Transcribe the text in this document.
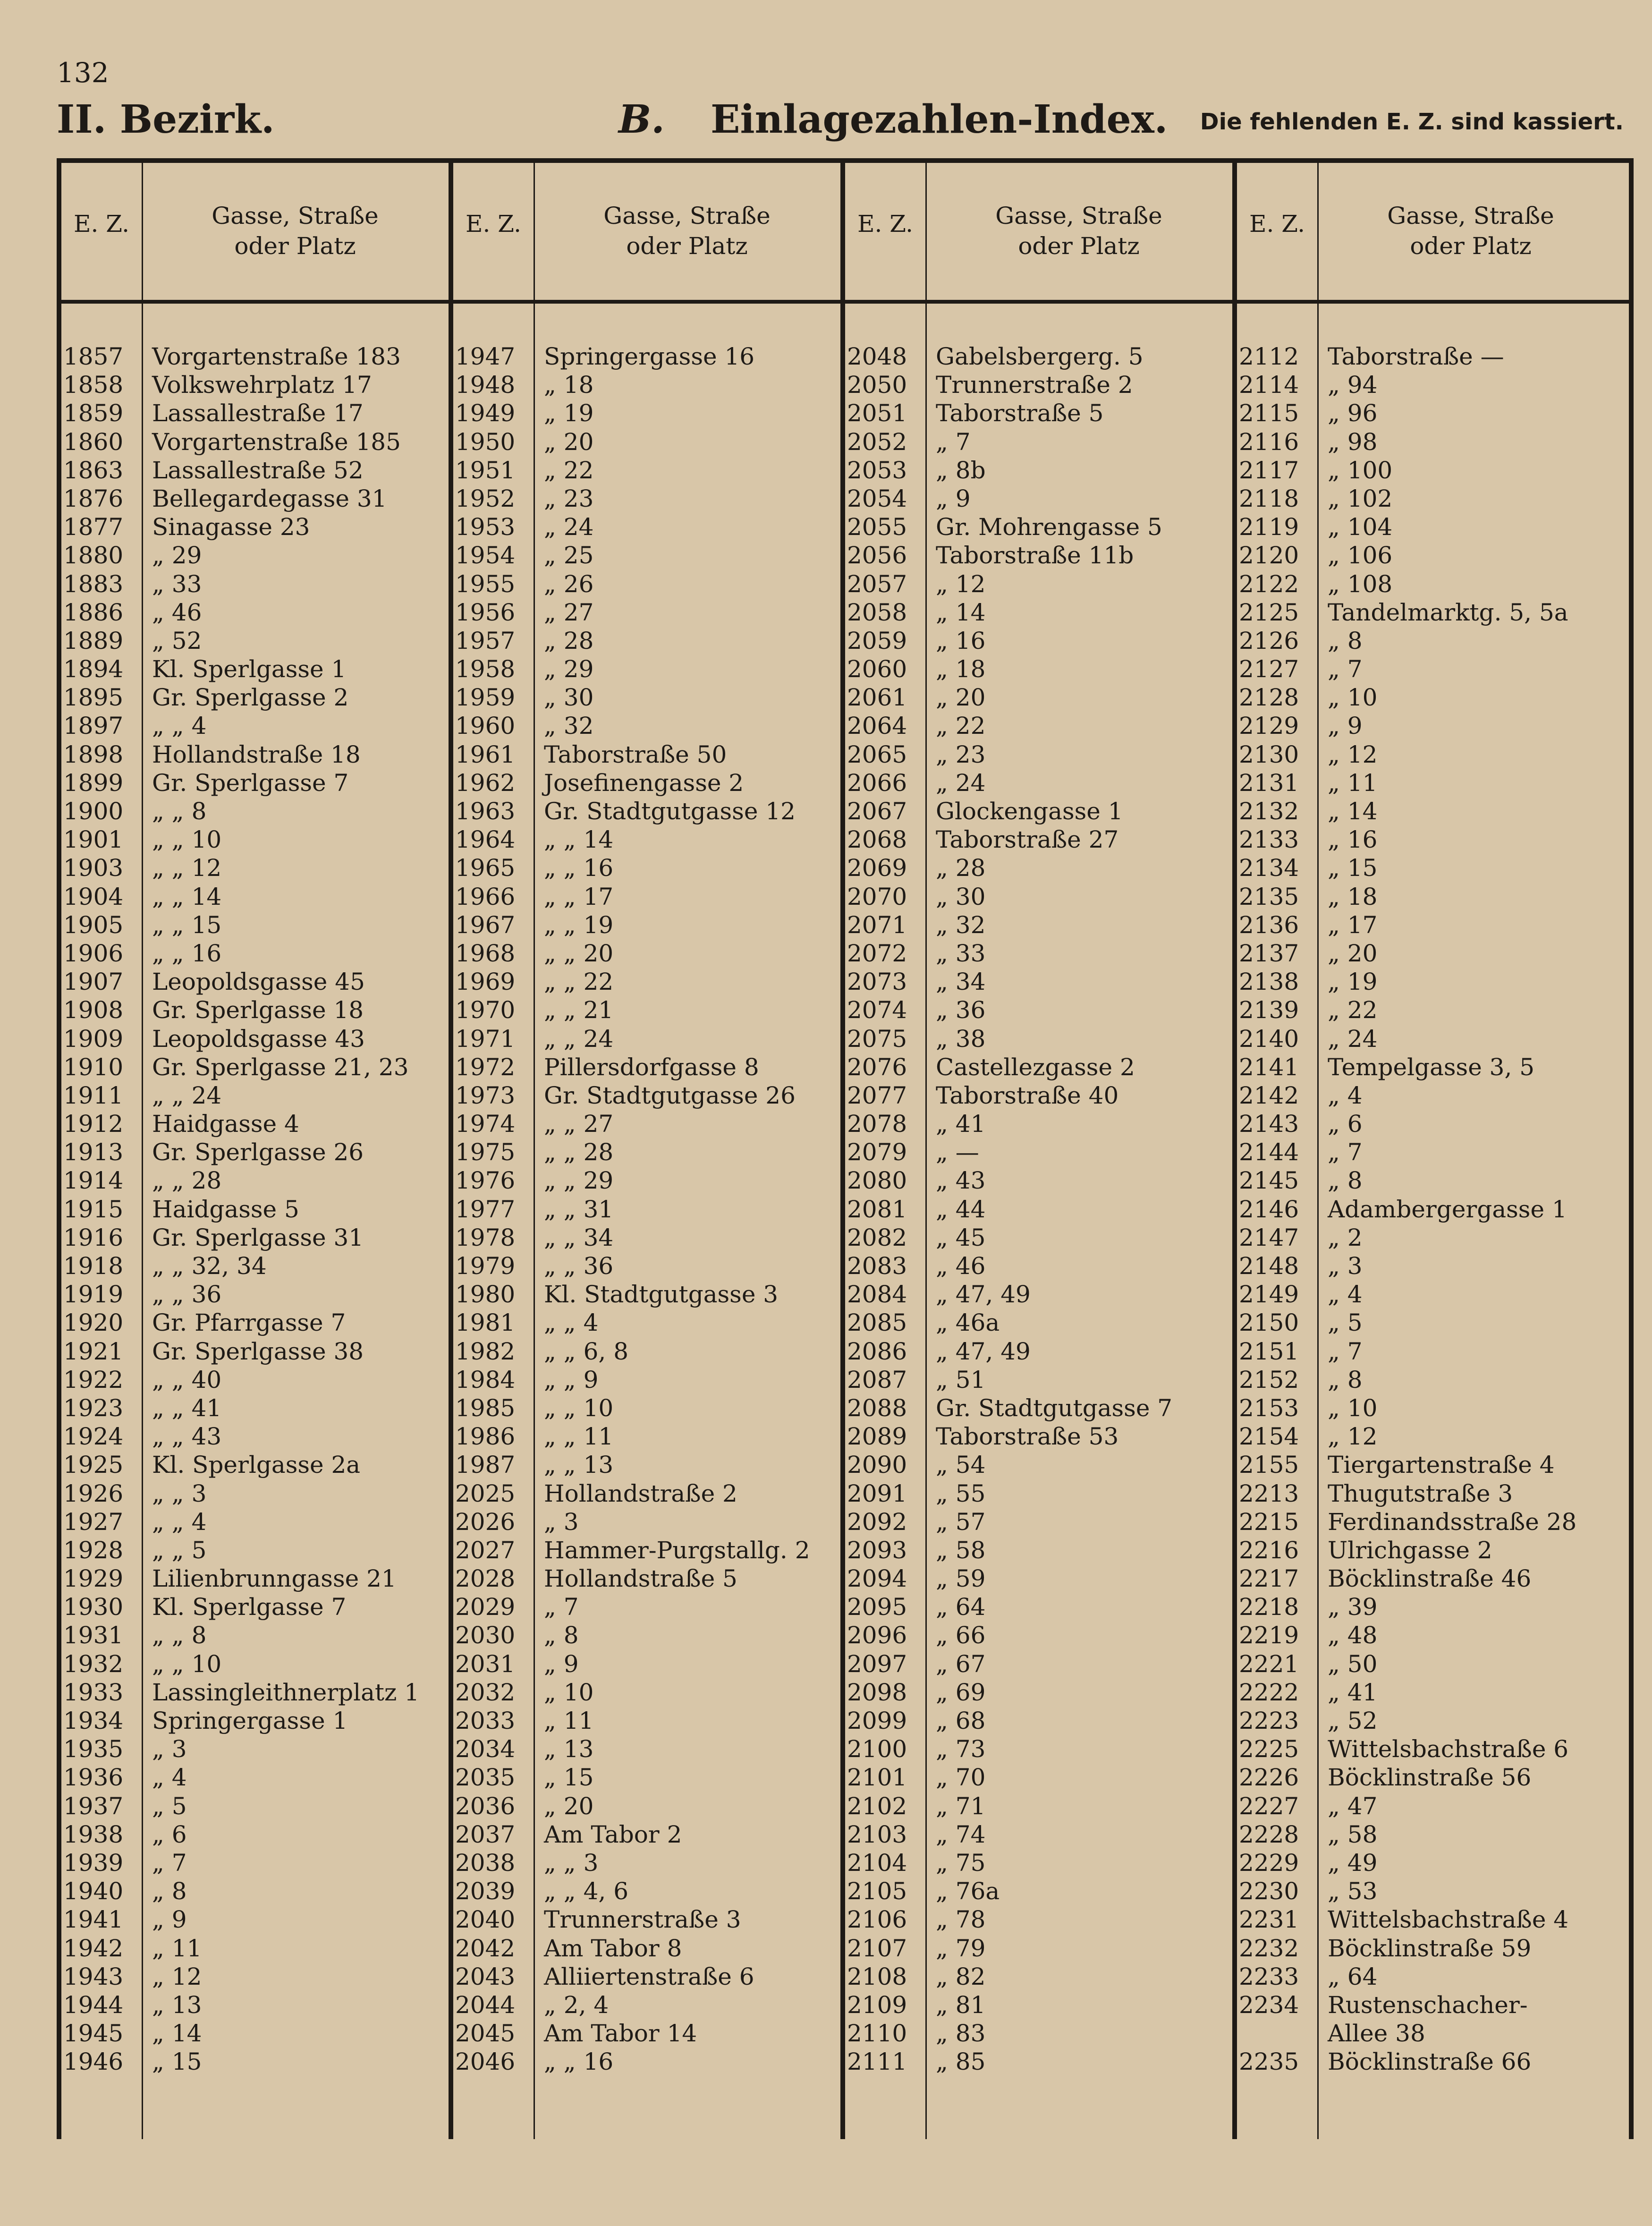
132
II. Bezirk.	B. Einlagezahlen-Index. Die fehlenden E. Z. sind kassiert.
E. Z.	Gasse, Straße
oder Platz
1857 Vorgartenstraße 183
1858 Volkswehrplatz 17
1859 Lassallestraße 17
1860 Vorgartenstraße 185
1863 Lassallestraße 52
1876 Bellegardegasse 31
1877 Sinagasse 23
1880 „ 29
1883 „ 33
1886 „ 46
1889 „ 52
1894 Kl. Sperlgasse 1
1895 Gr. Sperlgasse 2
1897 „ „ 4
1898 Hollandstraße 18
1899 Gr. Sperlgasse 7
1900 „ „ 8
1901 „ „ 10
1903 „ „ 12
1904 „ „ 14
1905 „ „ 15
1906 „ „ 16
1907 Leopoldsgasse 45
1908 Gr. Sperlgasse 18
1909 Leopoldsgasse 43
1910 Gr. Sperlgasse 21, 23
1911 „ „ 24
1912 Haidgasse 4
1913 Gr. Sperlgasse 26
1914 „ „ 28
1915 Haidgasse 5
1916 Gr. Sperlgasse 31
1918 „ „ 32, 34
1919 „ „ 36
1920 Gr. Pfarrgasse 7
1921 Gr. Sperlgasse 38
1922 „ „ 40
1923 „ „ 41
1924 „ „ 43
1925 Kl. Sperlgasse 2a
1926 „ „ 3
1927 „ „ 4
1928 „ „ 5
1929 Lilienbrunngasse 21
1930 Kl. Sperlgasse 7
1931 „ „ 8
1932 „ „ 10
1933 Lassingleithnerplatz 1
1934 Springergasse 1
1935 „ 3
1936 „ 4
1937 „ 5
1938 „ 6
1939 „ 7
1940 „ 8
1941 „ 9
1942 „ 11
1943 „ 12
1944 „ 13
1945 „ 14
1946 „ 15
E. Z.	Gasse, Straße
oder Platz
1947 Springergasse 16
1948 „ 18
1949 „ 19
1950 „ 20
1951 „ 22
1952 „ 23
1953 „ 24
1954 „ 25
1955 „ 26
1956 „ 27
1957 „ 28
1958 „ 29
1959 „ 30
1960 „ 32
1961 Taborstraße 50
1962 Josefinengasse 2
1963 Gr. Stadtgutgasse 12
1964 „ „ 14
1965 „ „ 16
1966 „ „ 17
1967 „ „ 19
1968 „ „ 20
1969 „ „ 22
1970 „ „ 21
1971 „ „ 24
1972 Pillersdorfgasse 8
1973 Gr. Stadtgutgasse 26
1974 „ „ 27
1975 „ „ 28
1976 „ „ 29
1977 „ „ 31
1978 „ „ 34
1979 „ „ 36
1980 Kl. Stadtgutgasse 3
1981 „ „ 4
1982 „ „ 6, 8
1984 „ „ 9
1985 „ „ 10
1986 „ „ 11
1987 „ „ 13
2025 Hollandstraße 2
2026 „ 3
2027 Hammer-Purgstallg. 2
2028 Hollandstraße 5
2029 „ 7
2030 „ 8
2031 „ 9
2032 „ 10
2033 „ 11
2034 „ 13
2035 „ 15
2036 „ 20
2037 Am Tabor 2
2038 „ „ 3
2039 „ „ 4, 6
2040 Trunnerstraße 3
2042 Am Tabor 8
2043 Alliiertenstraße 6
2044 „ 2, 4
2045 Am Tabor 14
2046 „ „ 16
E. Z.	Gasse, Straße
oder Platz
2048 Gabelsbergerg. 5
2050 Trunnerstraße 2
2051 Taborstraße 5
2052 „ 7
2053 „ 8b
2054 „ 9
2055 Gr. Mohrengasse 5
2056 Taborstraße 11b
2057 „ 12
2058 „ 14
2059 „ 16
2060 „ 18
2061 „ 20
2064 „ 22
2065 „ 23
2066 „ 24
2067 Glockengasse 1
2068 Taborstraße 27
2069 „ 28
2070 „ 30
2071 „ 32
2072 „ 33
2073 „ 34
2074 „ 36
2075 „ 38
2076 Castellezgasse 2
2077 Taborstraße 40
2078 „ 41
2079 „ —
2080 „ 43
2081 „ 44
2082 „ 45
2083 „ 46
2084 „ 47, 49
2085 „ 46a
2086 „ 47, 49
2087 „ 51
2088 Gr. Stadtgutgasse 7
2089 Taborstraße 53
2090 „ 54
2091 „ 55
2092 „ 57
2093 „ 58
2094 „ 59
2095 „ 64
2096 „ 66
2097 „ 67
2098 „ 69
2099 „ 68
2100 „ 73
2101 „ 70
2102 „ 71
2103 „ 74
2104 „ 75
2105 „ 76a
2106 „ 78
2107 „ 79
2108 „ 82
2109 „ 81
2110 „ 83
2111 „ 85
E. Z.	Gasse, Straße
oder Platz
2112 Taborstraße —
2114 „ 94
2115 „ 96
2116 „ 98
2117 „ 100
2118 „ 102
2119 „ 104
2120 „ 106
2122 „ 108
2125 Tandelmarktg. 5, 5a
2126 „ 8
2127 „ 7
2128 „ 10
2129 „ 9
2130 „ 12
2131 „ 11
2132 „ 14
2133 „ 16
2134 „ 15
2135 „ 18
2136 „ 17
2137 „ 20
2138 „ 19
2139 „ 22
2140 „ 24
2141 Tempelgasse 3, 5
2142 „ 4
2143 „ 6
2144 „ 7
2145 „ 8
2146 Adambergergasse 1
2147 „ 2
2148 „ 3
2149 „ 4
2150 „ 5
2151 „ 7
2152 „ 8
2153 „ 10
2154 „ 12
2155 Tiergartenstraße 4
2213 Thugutstraße 3
2215 Ferdinandsstraße 28
2216 Ulrichgasse 2
2217 Böcklinstraße 46
2218 „ 39
2219 „ 48
2221 „ 50
2222 „ 41
2223 „ 52
2225 Wittelsbachstraße 6
2226 Böcklinstraße 56
2227 „ 47
2228 „ 58
2229 „ 49
2230 „ 53
2231 Wittelsbachstraße 4
2232 Böcklinstraße 59
2233 „ 64
2234 Rustenschacher-
Allee 38
2235 Böcklinstraße 66
